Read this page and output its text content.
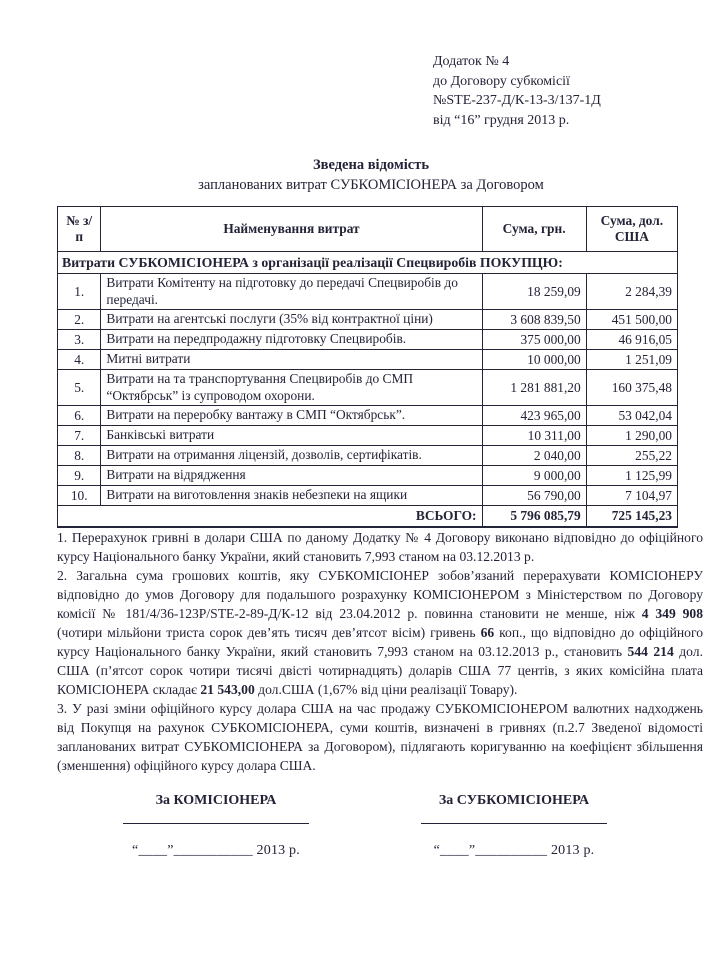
Додаток № 4
до Договору субкомісії
№STE-237-Д/К-13-3/137-1Д
від “16” грудня 2013 р.
Зведена відомість
запланованих витрат СУБКОМІСІОНЕРА за Договором
№ з/п	Найменування витрат	Сума, грн.	Сума, дол. США
Витрати СУБКОМІСІОНЕРА з організації реалізації Спецвиробів ПОКУПЦЮ:			
1.	Витрати Комітенту на підготовку до передачі Спецвиробів до передачі.	18 259,09	2 284,39
2.	Витрати на агентські послуги (35% від контрактної ціни)	3 608 839,50	451 500,00
3.	Витрати на передпродажну підготовку Спецвиробів.	375 000,00	46 916,05
4.	Митні витрати	10 000,00	1 251,09
5.	Витрати на та транспортування Спецвиробів до СМП “Октябрськ” із супроводом охорони.	1 281 881,20	160 375,48
6.	Витрати на переробку вантажу в СМП “Октябрськ”.	423 965,00	53 042,04
7.	Банківські витрати	10 311,00	1 290,00
8.	Витрати на отримання ліцензій, дозволів, сертифікатів.	2 040,00	255,22
9.	Витрати на відрядження	9 000,00	1 125,99
10.	Витрати на виготовлення знаків небезпеки на ящики	56 790,00	7 104,97
ВСЬОГО:		5 796 085,79	725 145,23

1. Перерахунок гривні в долари США по даному Додатку № 4 Договору виконано відповідно до офіційного курсу Національного банку України, який становить 7,993 станом на 03.12.2013 р.

2. Загальна сума грошових коштів, яку СУБКОМІСІОНЕР зобов’язаний перерахувати КОМІСІОНЕРУ відповідно до умов Договору для подальшого розрахунку КОМІСІОНЕРОМ з Міністерством по Договору комісії № 181/4/36-123Р/STE-2-89-Д/К-12 від 23.04.2012 р. повинна становити не менше, ніж 4 349 908 (чотири мільйони триста сорок дев’ять тисяч дев’ятсот вісім) гривень 66 коп., що відповідно до офіційного курсу Національного банку України, який становить 7,993 станом на 03.12.2013 р., становить 544 214 дол. США (п’ятсот сорок чотири тисячі двісті чотирнадцять) доларів США 77 центів, з яких комісійна плата КОМІСІОНЕРА складає 21 543,00 дол.США (1,67% від ціни реалізації Товару).

3. У разі зміни офіційного курсу долара США на час продажу СУБКОМІСІОНЕРОМ валютних надходжень від Покупця на рахунок СУБКОМІСІОНЕРА, суми коштів, визначені в гривнях (п.2.7 Зведеної відомості запланованих витрат СУБКОМІСІОНЕРА за Договором), підлягають коригуванню на коефіцієнт збільшення (зменшення) офіційного курсу долара США.

За КОМІСІОНЕРА
“____”___________ 2013 р.
За СУБКОМІСІОНЕРА
“____”__________ 2013 р.
